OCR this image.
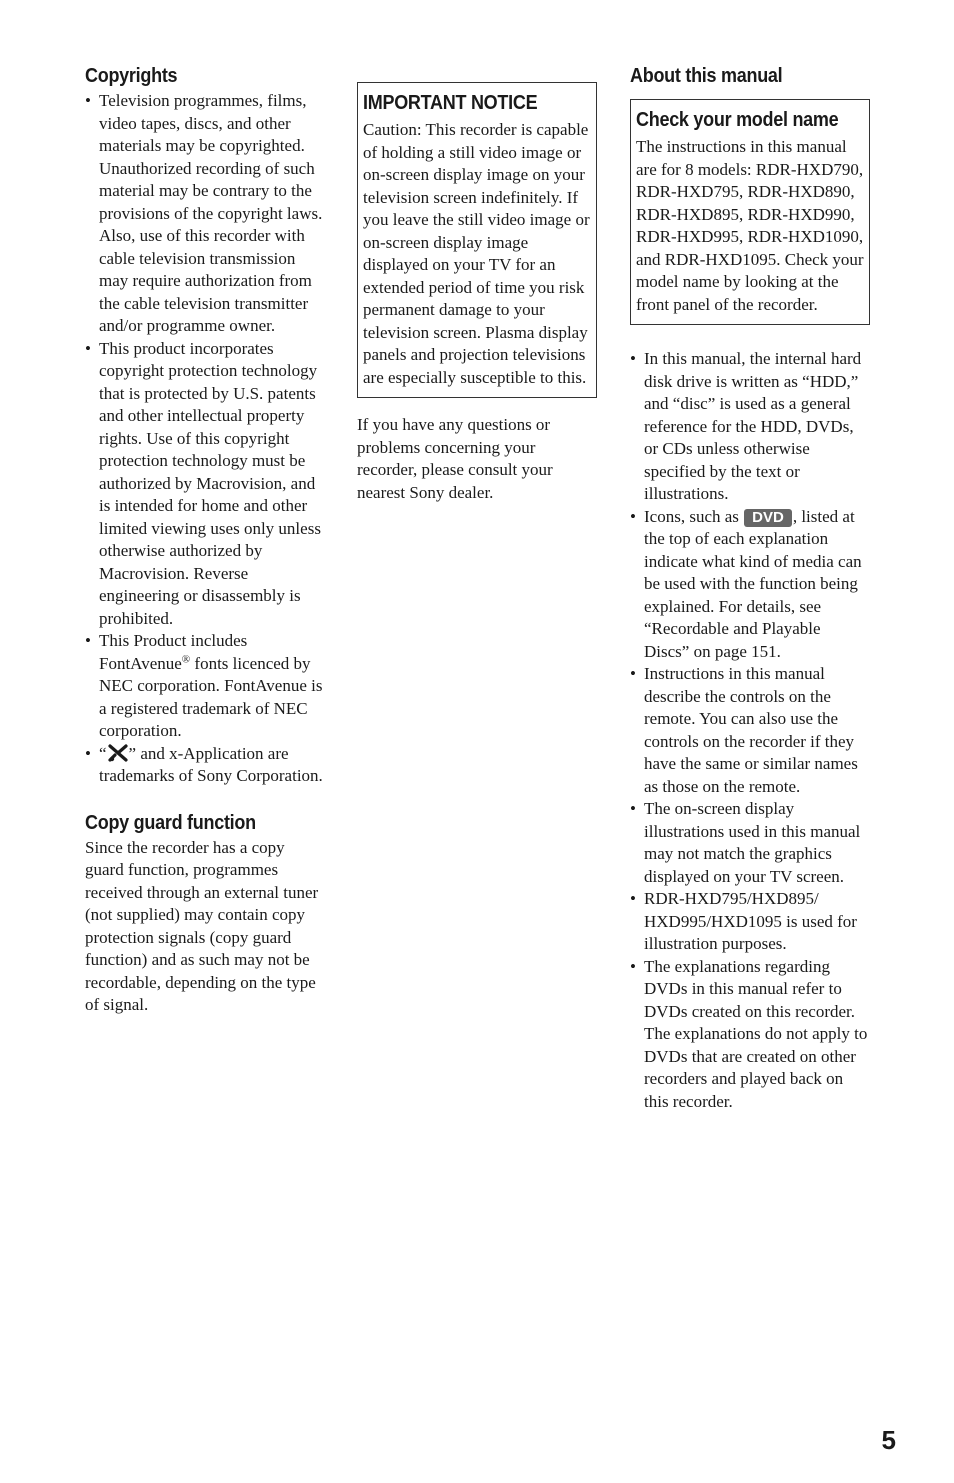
Copyrights
• Television programmes, films, video tapes, discs, and other materials may be copyrighted. Unauthorized recording of such material may be contrary to the provisions of the copyright laws. Also, use of this recorder with cable television transmission may require authorization from the cable television transmitter and/or programme owner.
• This product incorporates copyright protection technology that is protected by U.S. patents and other intellectual property rights. Use of this copyright protection technology must be authorized by Macrovision, and is intended for home and other limited viewing uses only unless otherwise authorized by Macrovision. Reverse engineering or disassembly is prohibited.
• This Product includes FontAvenue® fonts licenced by NEC corporation. FontAvenue is a registered trademark of NEC corporation.
• “ ” and x-Application are trademarks of Sony Corporation.
Copy guard function

Since the recorder has a copy guard function, programmes received through an external tuner (not supplied) may contain copy protection signals (copy guard function) and as such may not be recordable, depending on the type of signal.

IMPORTANT NOTICE

Caution: This recorder is capable of holding a still video image or on-screen display image on your television screen indefinitely. If you leave the still video image or on-screen display image displayed on your TV for an extended period of time you risk permanent damage to your television screen. Plasma display panels and projection televisions are especially susceptible to this.

If you have any questions or problems concerning your recorder, please consult your nearest Sony dealer.

About this manual
Check your model name

The instructions in this manual are for 8 models: RDR-HXD790, RDR-HXD795, RDR-HXD890, RDR-HXD895, RDR-HXD990, RDR-HXD995, RDR-HXD1090, and RDR-HXD1095. Check your model name by looking at the front panel of the recorder.

• In this manual, the internal hard disk drive is written as “HDD,” and “disc” is used as a general reference for the HDD, DVDs, or CDs unless otherwise specified by the text or illustrations.
• Icons, such as DVD , listed at the top of each explanation indicate what kind of media can be used with the function being explained. For details, see “Recordable and Playable Discs” on page 151.
• Instructions in this manual describe the controls on the remote. You can also use the controls on the recorder if they have the same or similar names as those on the remote.
• The on-screen display illustrations used in this manual may not match the graphics displayed on your TV screen.
• RDR-HXD795/HXD895/ HXD995/HXD1095 is used for illustration purposes.
• The explanations regarding DVDs in this manual refer to DVDs created on this recorder. The explanations do not apply to DVDs that are created on other recorders and played back on this recorder.
5
